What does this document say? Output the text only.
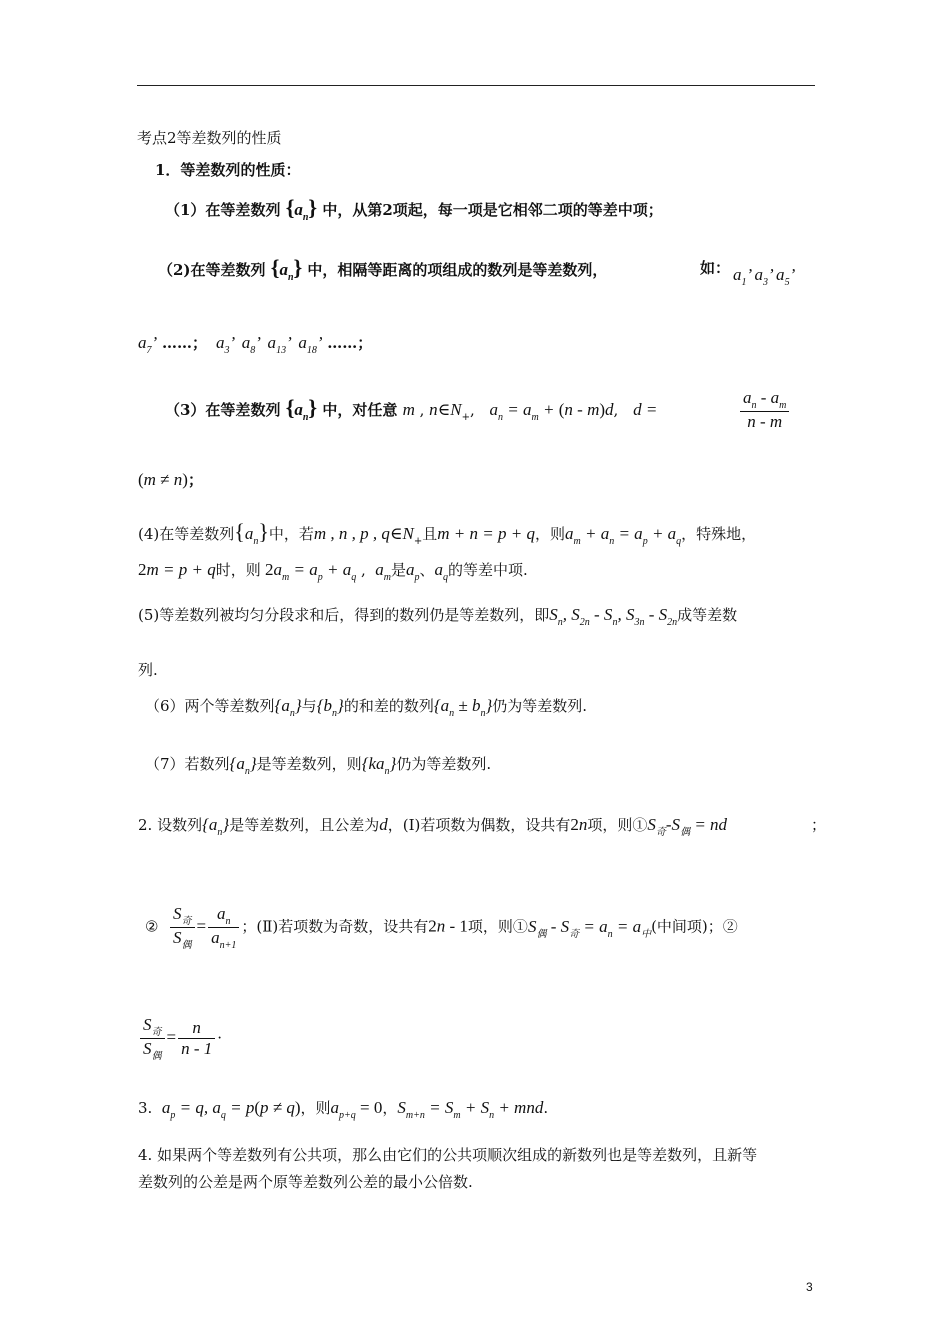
考点2等差数列的性质
1．等差数列的性质：
（1）在等差数列 $\{a_n\}$ 中，从第2项起，每一项是它相邻二项的等差中项；
（2)在等差数列 $\{a_n\}$ 中，相隔等距离的项组成的数列是等差数列，	如： $a_1$’ $a_3$’ $a_5$’
$a_7$’ ……；  $a_3$’  $a_8$’  $a_{13}$’  $a_{18}$’ ……；
（3）在等差数列 $\{a_n\}$ 中，对任意 m , $n\in N_+$,   $a_n = a_m + (n - m)d$,   d =	$\frac{a_n - a_m}{n - m}$
(m ≠ n)；
(4)在等差数列$\{a_n\}$中，若m , n , p , $q\in N_+$且m + n = p + q，则$a_m + a_n = a_p + a_q$，特殊地，
2m = p + q时，则 $2a_m = a_p + a_q$ ,  $a_m$是$a_p$、$a_q$的等差中项.
(5)等差数列被均匀分段求和后，得到的数列仍是等差数列，即$S_n$, $S_{2n} - S_n$, $S_{3n} - S_{2n}$成等差数
列.
（6）两个等差数列$\{a_n\}$与$\{b_n\}$的和差的数列$\{a_n \pm b_n\}$仍为等差数列.
（7）若数列$\{a_n\}$是等差数列，则$\{ka_n\}$仍为等差数列.
2. 设数列$\{a_n\}$是等差数列，且公差为d，(Ⅰ)若项数为偶数，设共有2n项，则$①S_奇-S_偶$ = nd	；
② $\frac{S_奇}{S_偶} = \frac{a_n}{a_{n+1}}$ ；(Ⅱ)若项数为奇数，设共有2n - 1项，则$①S_偶 - S_奇 = a_n = a_中$(中间项)；②
$\frac{S_奇}{S_偶} = \frac{n}{n - 1}$ ·
3. $a_p = q$, $a_q = p(p \ne q)$，则$a_{p+q} = 0$，$S_{m+n} = S_m + S_n$ + mnd.
4. 如果两个等差数列有公共项，那么由它们的公共项顺次组成的新数列也是等差数列，且新等
差数列的公差是两个原等差数列公差的最小公倍数.
3
